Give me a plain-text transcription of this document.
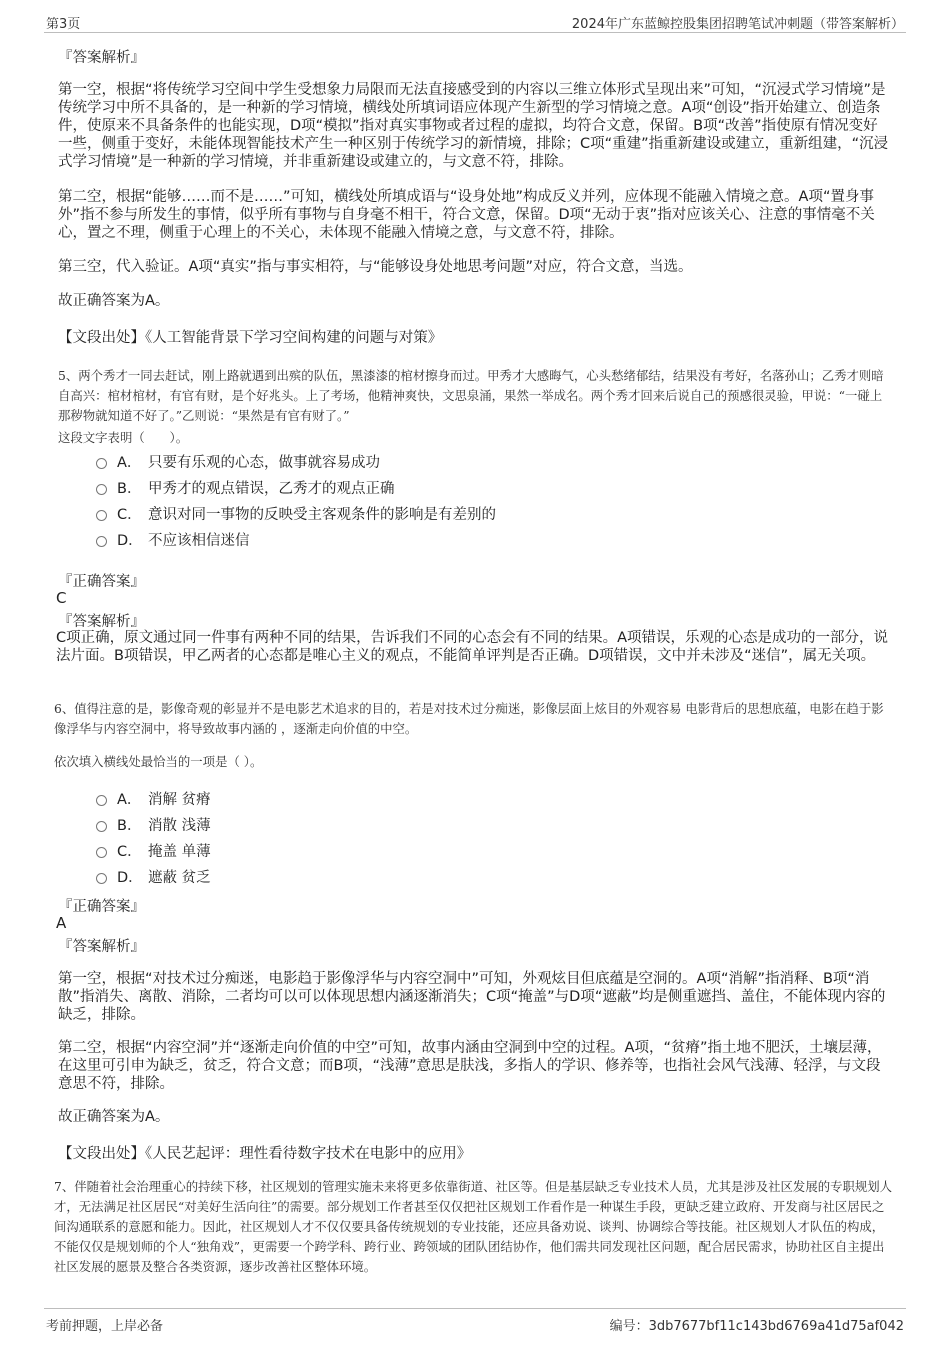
第3页	2024年广东蓝鲸控股集团招聘笔试冲刺题（带答案解析）
『答案解析』
第一空，根据“将传统学习空间中学生受想象力局限而无法直接感受到的内容以三维立体形式呈现出来”可知，“沉浸式学习情境”是传统学习中所不具备的，是一种新的学习情境，横线处所填词语应体现产生新型的学习情境之意。A项“创设”指开始建立、创造条件，使原来不具备条件的也能实现，D项“模拟”指对真实事物或者过程的虚拟，均符合文意，保留。B项“改善”指使原有情况变好一些，侧重于变好，未能体现智能技术产生一种区别于传统学习的新情境，排除；C项“重建”指重新建设或建立，重新组建，“沉浸式学习情境”是一种新的学习情境，并非重新建设或建立的，与文意不符，排除。
第二空，根据“能够……而不是……”可知，横线处所填成语与“设身处地”构成反义并列，应体现不能融入情境之意。A项“置身事外”指不参与所发生的事情，似乎所有事物与自身毫不相干，符合文意，保留。D项“无动于衷”指对应该关心、注意的事情毫不关心，置之不理，侧重于心理上的不关心，未体现不能融入情境之意，与文意不符，排除。
第三空，代入验证。A项“真实”指与事实相符，与“能够设身处地思考问题”对应，符合文意，当选。
故正确答案为A。
【文段出处】《人工智能背景下学习空间构建的问题与对策》
5、两个秀才一同去赶试，刚上路就遇到出殡的队伍，黑漆漆的棺材擦身而过。甲秀才大感晦气，心头愁绪郁结，结果没有考好，名落孙山；乙秀才则暗自高兴：棺材棺材，有官有财，是个好兆头。上了考场，他精神爽快，文思泉涌，果然一举成名。两个秀才回来后说自己的预感很灵验，甲说：“一碰上那秽物就知道不好了。”乙则说：“果然是有官有财了。”
这段文字表明（　　）。
A． 只要有乐观的心态，做事就容易成功
B． 甲秀才的观点错误，乙秀才的观点正确
C． 意识对同一事物的反映受主客观条件的影响是有差别的
D． 不应该相信迷信
『正确答案』
C
『答案解析』
C项正确，原文通过同一件事有两种不同的结果，告诉我们不同的心态会有不同的结果。A项错误，乐观的心态是成功的一部分，说法片面。B项错误，甲乙两者的心态都是唯心主义的观点，不能简单评判是否正确。D项错误，文中并未涉及“迷信”，属无关项。
6、值得注意的是，影像奇观的彰显并不是电影艺术追求的目的，若是对技术过分痴迷，影像层面上炫目的外观容易 电影背后的思想底蕴，电影在趋于影像浮华与内容空洞中，将导致故事内涵的 ，逐渐走向价值的中空。
依次填入横线处最恰当的一项是（ ）。
A． 消解 贫瘠
B． 消散 浅薄
C． 掩盖 单薄
D． 遮蔽 贫乏
『正确答案』
A
『答案解析』
第一空，根据“对技术过分痴迷，电影趋于影像浮华与内容空洞中”可知，外观炫目但底蕴是空洞的。A项“消解”指消释、B项“消散”指消失、离散、消除，二者均可以可以体现思想内涵逐渐消失；C项“掩盖”与D项“遮蔽”均是侧重遮挡、盖住，不能体现内容的缺乏，排除。
第二空，根据“内容空洞”并“逐渐走向价值的中空”可知，故事内涵由空洞到中空的过程。A项，“贫瘠”指土地不肥沃，土壤层薄，在这里可引申为缺乏，贫乏，符合文意；而B项，“浅薄”意思是肤浅，多指人的学识、修养等，也指社会风气浅薄、轻浮，与文段意思不符，排除。
故正确答案为A。
【文段出处】《人民艺起评：理性看待数字技术在电影中的应用》
7、伴随着社会治理重心的持续下移，社区规划的管理实施未来将更多依靠街道、社区等。但是基层缺乏专业技术人员，尤其是涉及社区发展的专职规划人才，无法满足社区居民“对美好生活向往”的需要。部分规划工作者甚至仅仅把社区规划工作看作是一种谋生手段，更缺乏建立政府、开发商与社区居民之间沟通联系的意愿和能力。因此，社区规划人才不仅仅要具备传统规划的专业技能，还应具备劝说、谈判、协调综合等技能。社区规划人才队伍的构成，不能仅仅是规划师的个人“独角戏”，更需要一个跨学科、跨行业、跨领域的团队团结协作，他们需共同发现社区问题，配合居民需求，协助社区自主提出社区发展的愿景及整合各类资源，逐步改善社区整体环境。
考前押题，上岸必备	编号：3db7677bf11c143bd6769a41d75af042
